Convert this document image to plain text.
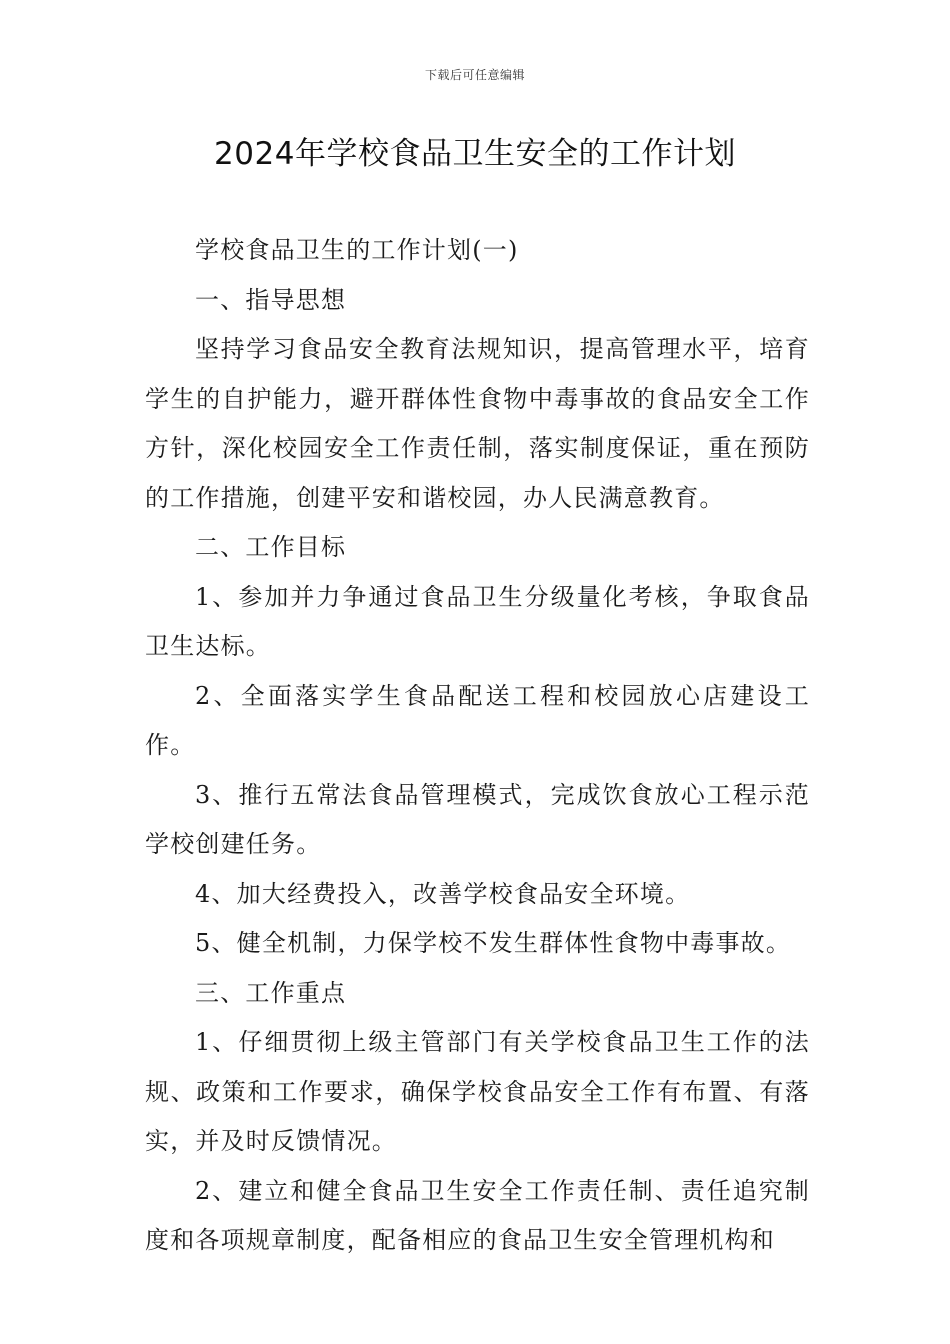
下载后可任意编辑
2024年学校食品卫生安全的工作计划

学校食品卫生的工作计划(一)

一、指导思想

坚持学习食品安全教育法规知识，提高管理水平，培育学生的自护能力，避开群体性食物中毒事故的食品安全工作方针，深化校园安全工作责任制，落实制度保证，重在预防的工作措施，创建平安和谐校园，办人民满意教育。

二、工作目标

1、参加并力争通过食品卫生分级量化考核，争取食品卫生达标。

2、全面落实学生食品配送工程和校园放心店建设工作。

3、推行五常法食品管理模式，完成饮食放心工程示范学校创建任务。

4、加大经费投入，改善学校食品安全环境。

5、健全机制，力保学校不发生群体性食物中毒事故。

三、工作重点

1、仔细贯彻上级主管部门有关学校食品卫生工作的法规、政策和工作要求，确保学校食品安全工作有布置、有落实，并及时反馈情况。

2、建立和健全食品卫生安全工作责任制、责任追究制度和各项规章制度，配备相应的食品卫生安全管理机构和
